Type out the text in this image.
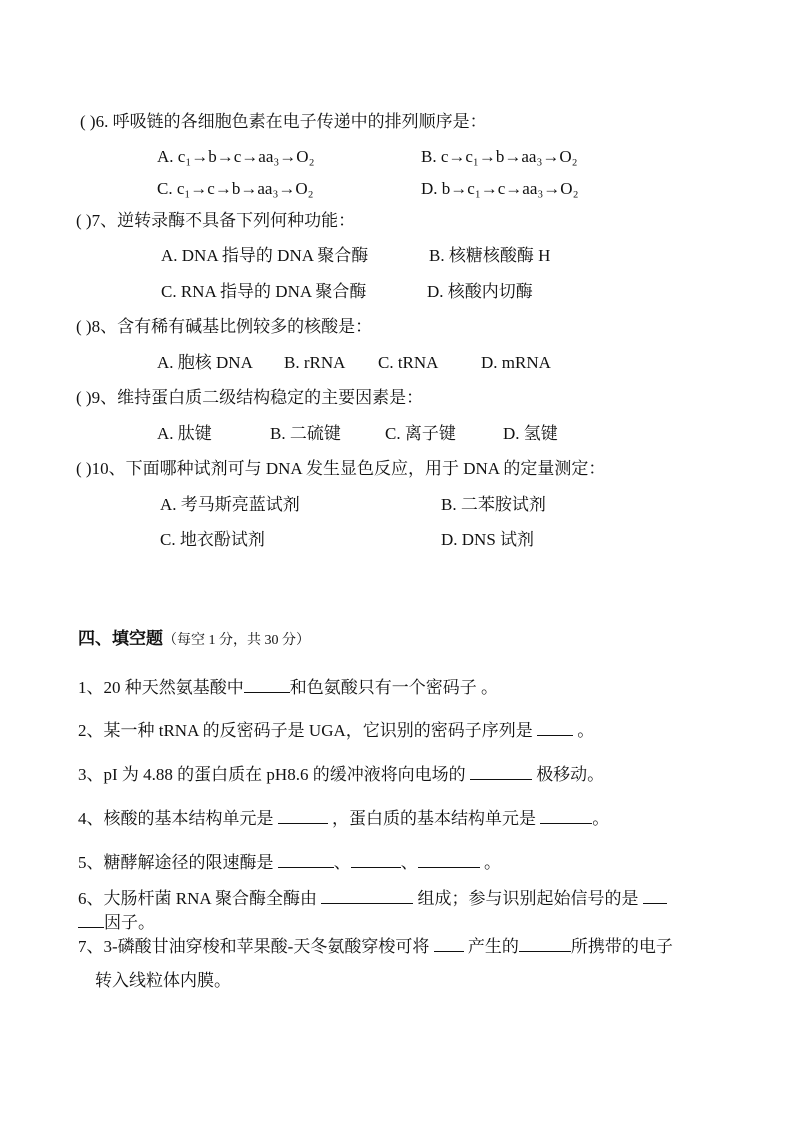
( )6. 呼吸链的各细胞色素在电子传递中的排列顺序是：
A. c₁→b→c→aa₃→O₂	B. c→c₁→b→aa₃→O₂
C. c₁→c→b→aa₃→O₂	D. b→c₁→c→aa₃→O₂
( )7、逆转录酶不具备下列何种功能：
A. DNA 指导的 DNA 聚合酶	B. 核糖核酸酶 H
C. RNA 指导的 DNA 聚合酶	D. 核酸内切酶
( )8、含有稀有碱基比例较多的核酸是：
A. 胞核 DNA B. rRNA C. tRNA	D. mRNA
( )9、维持蛋白质二级结构稳定的主要因素是：
A. 肽键	B. 二硫键	C. 离子键	D. 氢键
( )10、下面哪种试剂可与 DNA 发生显色反应，用于 DNA 的定量测定：
A. 考马斯亮蓝试剂	B. 二苯胺试剂
C. 地衣酚试剂	D. DNS 试剂
四、填空题（每空 1 分，共 30 分）
1、20 种天然氨基酸中	和色氨酸只有一个密码子 。
2、某一种 tRNA 的反密码子是 UGA，它识别的密码子序列是  。
3、pI 为 4.88 的蛋白质在 pH8.6 的缓冲液将向电场的	极移动。
4、核酸的基本结构单元是	，蛋白质的基本结构单元是	。
5、糖酵解途径的限速酶是	、	、	。
6、大肠杆菌 RNA 聚合酶全酶由	组成；参与识别起始信号的是
因子。
7、3-磷酸甘油穿梭和苹果酸-天冬氨酸穿梭可将  产生的	所携带的电子
转入线粒体内膜。
